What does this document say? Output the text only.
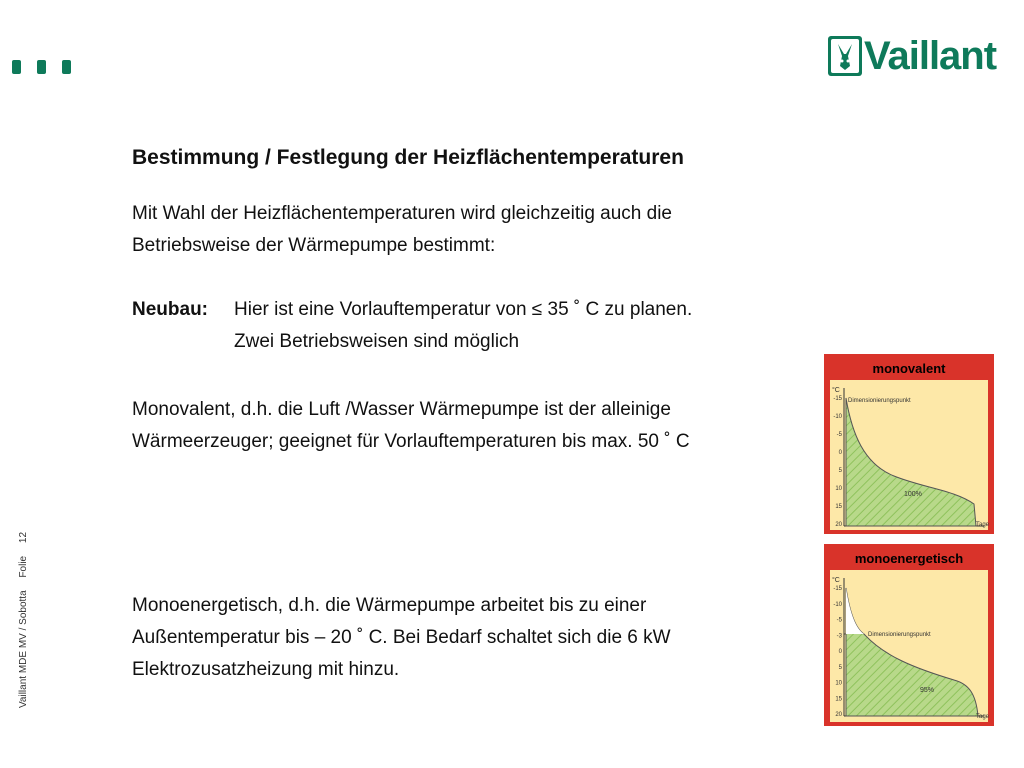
Vaillant
Bestimmung / Festlegung der Heizflächentemperaturen
Mit Wahl der Heizflächentemperaturen wird gleichzeitig auch die
Betriebsweise der Wärmepumpe bestimmt:
Neubau:	Hier ist eine Vorlauftemperatur von ≤ 35 ˚ C zu planen.
Zwei Betriebsweisen sind möglich
Monovalent, d.h. die Luft /Wasser Wärmepumpe ist der alleinige
Wärmeerzeuger; geeignet für Vorlauftemperaturen bis max. 50 ˚ C
Monoenergetisch, d.h. die Wärmepumpe arbeitet bis zu einer
Außentemperatur bis – 20 ˚ C. Bei Bedarf schaltet sich die 6 kW
Elektrozusatzheizung mit hinzu.
Vaillant MDE MV / Sobotta Folie 12
monovalent
°C
-15
-10
-5
0
5
10
15
20
Dimensionierungspunkt
100%
Tage
monoenergetisch
°C
-15
-10
-5
-3
0
5
10
15
20
Dimensionierungspunkt
95%
Tage
